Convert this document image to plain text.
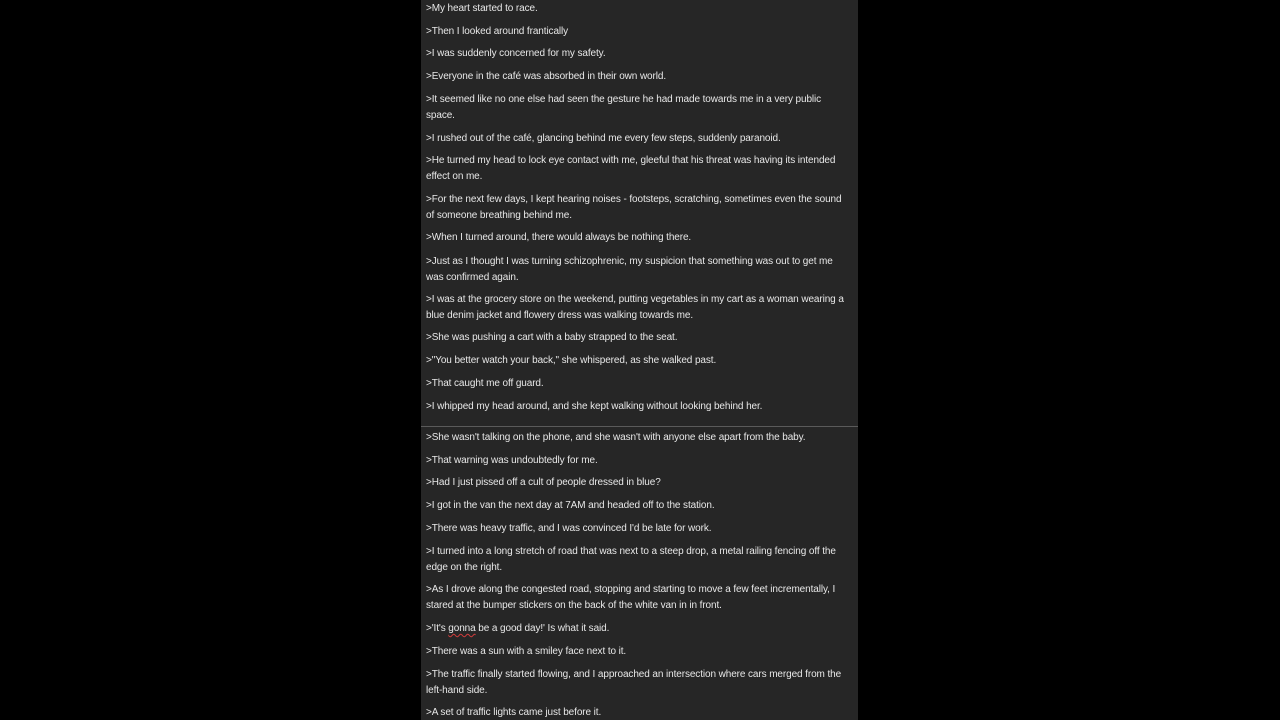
>My heart started to race.
>Then I looked around frantically
>I was suddenly concerned for my safety.
>Everyone in the café was absorbed in their own world.
>It seemed like no one else had seen the gesture he had made towards me in a very public space.
>I rushed out of the café, glancing behind me every few steps, suddenly paranoid.
>He turned my head to lock eye contact with me, gleeful that his threat was having its intended effect on me.
>For the next few days, I kept hearing noises - footsteps, scratching, sometimes even the sound of someone breathing behind me.
>When I turned around, there would always be nothing there.
>Just as I thought I was turning schizophrenic, my suspicion that something was out to get me was confirmed again.
>I was at the grocery store on the weekend, putting vegetables in my cart as a woman wearing a blue denim jacket and flowery dress was walking towards me.
>She was pushing a cart with a baby strapped to the seat.
>"You better watch your back," she whispered, as she walked past.
>That caught me off guard.
>I whipped my head around, and she kept walking without looking behind her.
>She wasn't talking on the phone, and she wasn't with anyone else apart from the baby.
>That warning was undoubtedly for me.
>Had I just pissed off a cult of people dressed in blue?
>I got in the van the next day at 7AM and headed off to the station.
>There was heavy traffic, and I was convinced I'd be late for work.
>I turned into a long stretch of road that was next to a steep drop, a metal railing fencing off the edge on the right.
>As I drove along the congested road, stopping and starting to move a few feet incrementally, I stared at the bumper stickers on the back of the white van in in front.
>'It's gonna be a good day!' Is what it said.
>There was a sun with a smiley face next to it.
>The traffic finally started flowing, and I approached an intersection where cars merged from the left-hand side.
>A set of traffic lights came just before it.
